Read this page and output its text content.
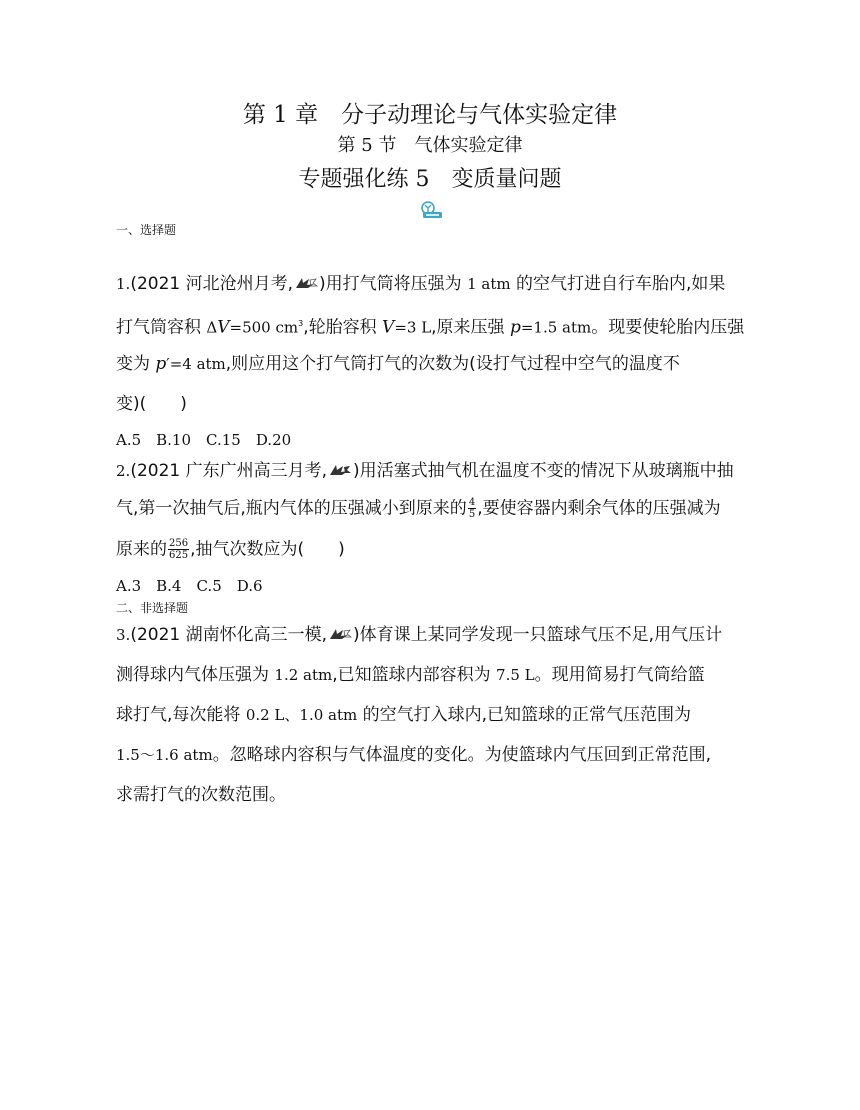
第 1 章　分子动理论与气体实验定律
第 5 节　气体实验定律
专题强化练 5　变质量问题
一、选择题
1.(2021 河北沧州月考, )用打气筒将压强为 1 atm 的空气打进自行车胎内,如果
打气筒容积 ΔV=500 $cm^3$,轮胎容积 V=3 L,原来压强 p=1.5 atm。现要使轮胎内压强
变为 p′=4 atm,则应用这个打气筒打气的次数为(设打气过程中空气的温度不
变)(　　)
A.5　B.10　C.15　D.20
2.(2021 广东广州高三月考, )用活塞式抽气机在温度不变的情况下从玻璃瓶中抽
气,第一次抽气后,瓶内气体的压强减小到原来的 $\frac{4}{5}$ ,要使容器内剩余气体的压强减为
原来的 $\frac{256}{625}$ ,抽气次数应为(　　)
A.3　B.4　C.5　D.6
二、非选择题
3.(2021 湖南怀化高三一模, )体育课上某同学发现一只篮球气压不足,用气压计
测得球内气体压强为 1.2 atm,已知篮球内部容积为 7.5 L。现用简易打气筒给篮
球打气,每次能将 0.2 L、1.0 atm 的空气打入球内,已知篮球的正常气压范围为
1.5～1.6 atm。忽略球内容积与气体温度的变化。为使篮球内气压回到正常范围,
求需打气的次数范围。
